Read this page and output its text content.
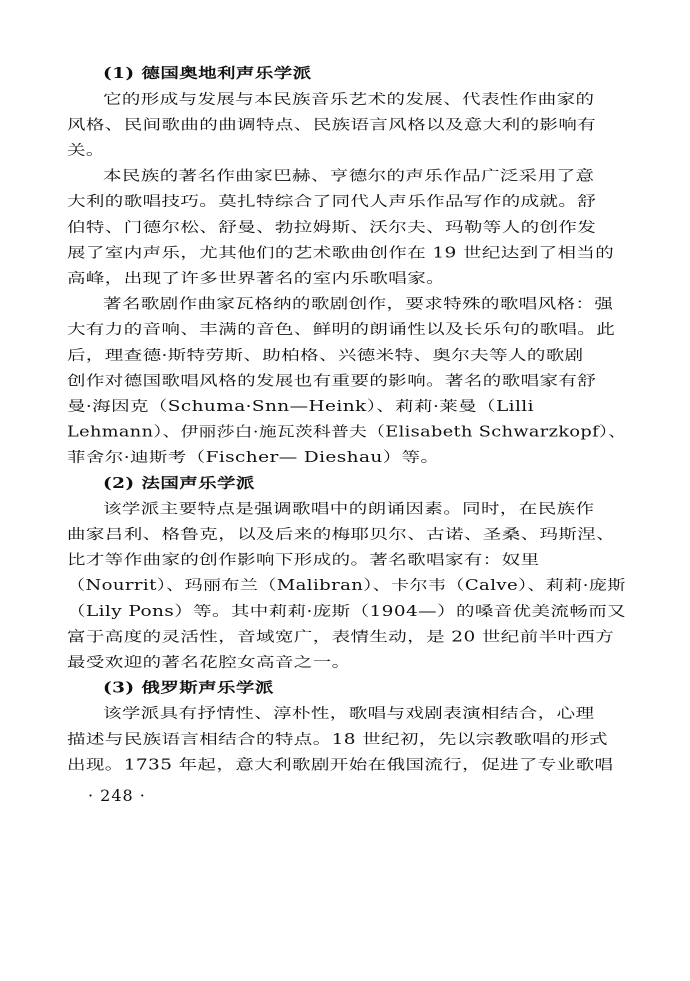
(1) 德国奥地利声乐学派
它的形成与发展与本民族音乐艺术的发展、代表性作曲家的
风格、民间歌曲的曲调特点、民族语言风格以及意大利的影响有
关。
本民族的著名作曲家巴赫、亨德尔的声乐作品广泛采用了意
大利的歌唱技巧。莫扎特综合了同代人声乐作品写作的成就。舒
伯特、门德尔松、舒曼、勃拉姆斯、沃尔夫、玛勒等人的创作发
展了室内声乐，尤其他们的艺术歌曲创作在 19 世纪达到了相当的
高峰，出现了许多世界著名的室内乐歌唱家。
著名歌剧作曲家瓦格纳的歌剧创作，要求特殊的歌唱风格：强
大有力的音响、丰满的音色、鲜明的朗诵性以及长乐句的歌唱。此
后，理查德·斯特劳斯、助柏格、兴德米特、奥尔夫等人的歌剧
创作对德国歌唱风格的发展也有重要的影响。著名的歌唱家有舒
曼·海因克（Schuma·Snn—Heink）、莉莉·莱曼（Lilli
Lehmann）、伊丽莎白·施瓦茨科普夫（Elisabeth Schwarzkopf）、
菲舍尔·迪斯考（Fischer— Dieshau）等。
(2) 法国声乐学派
该学派主要特点是强调歌唱中的朗诵因素。同时，在民族作
曲家吕利、格鲁克，以及后来的梅耶贝尔、古诺、圣桑、玛斯涅、
比才等作曲家的创作影响下形成的。著名歌唱家有：奴里
（Nourrit）、玛丽布兰（Malibran）、卡尔韦（Calve）、莉莉·庞斯
（Lily Pons）等。其中莉莉·庞斯（1904—）的嗓音优美流畅而又
富于高度的灵活性，音域宽广，表情生动，是 20 世纪前半叶西方
最受欢迎的著名花腔女高音之一。
(3) 俄罗斯声乐学派
该学派具有抒情性、淳朴性，歌唱与戏剧表演相结合，心理
描述与民族语言相结合的特点。18 世纪初，先以宗教歌唱的形式
出现。1735 年起，意大利歌剧开始在俄国流行，促进了专业歌唱
· 248 ·
